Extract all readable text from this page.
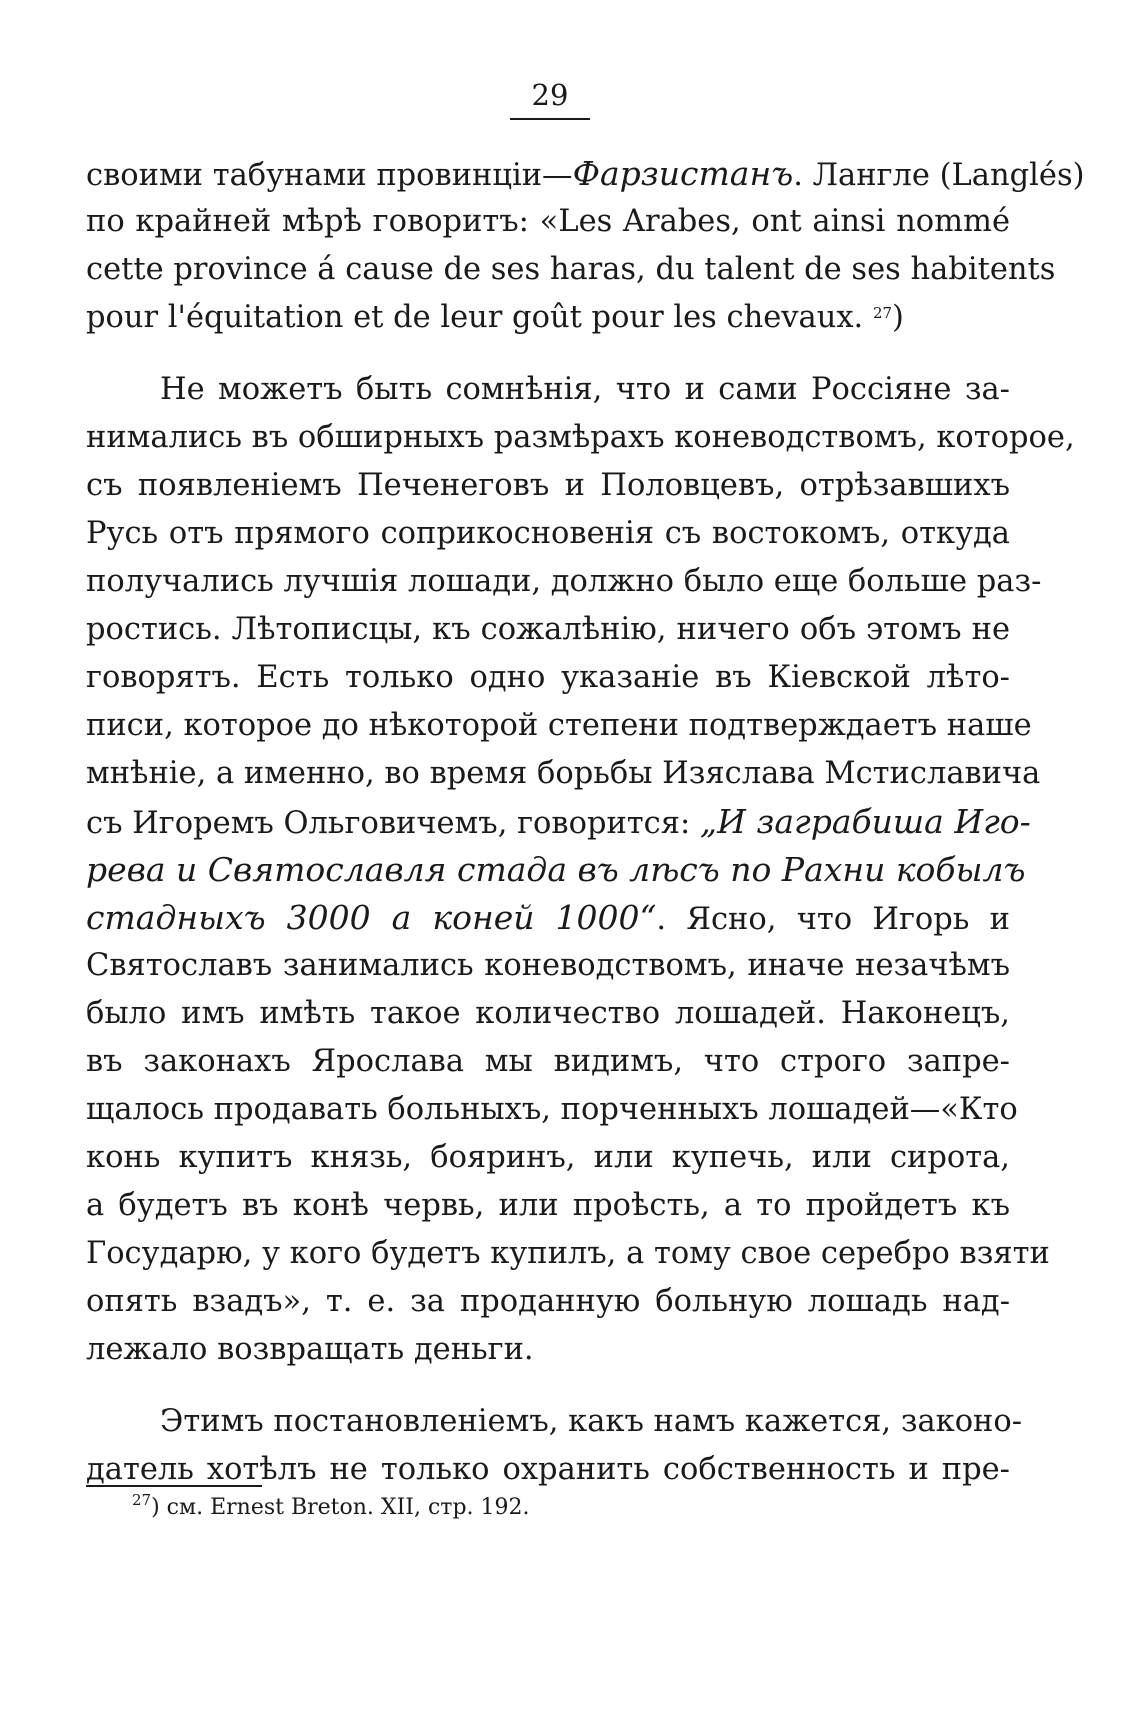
29
своими табунами провинціи—Фарзистанъ. Лангле (Langlés)
по крайней мѣрѣ говоритъ: «Les Arabes, ont ainsi nommé
cette province á cause de ses haras, du talent de ses habitents
pour l'équitation et de leur goût pour les chevaux. $^{27}$)
Не можетъ быть сомнѣнія, что и сами Россіяне за-
нимались въ обширныхъ размѣрахъ коневодствомъ, которое,
съ появленіемъ Печенеговъ и Половцевъ, отрѣзавшихъ
Русь отъ прямого соприкосновенія съ востокомъ, откуда
получались лучшія лошади, должно было еще больше раз-
ростись. Лѣтописцы, къ сожалѣнію, ничего объ этомъ не
говорятъ. Есть только одно указаніе въ Кіевской лѣто-
писи, которое до нѣкоторой степени подтверждаетъ наше
мнѣніе, а именно, во время борьбы Изяслава Мстиславича
съ Игоремъ Ольговичемъ, говорится: „И заграбиша Иго-
рева и Святославля стада въ лѣсъ по Рахни кобылъ
стадныхъ 3000 а коней 1000“. Ясно, что Игорь и
Святославъ занимались коневодствомъ, иначе незачѣмъ
было имъ имѣть такое количество лошадей. Наконецъ,
въ законахъ Ярослава мы видимъ, что строго запре-
щалось продавать больныхъ, порченныхъ лошадей—«Кто
конь купитъ князь, бояринъ, или купечь, или сирота,
а будетъ въ конѣ червь, или проѣсть, а то пройдетъ къ
Государю, у кого будетъ купилъ, а тому свое серебро взяти
опять взадъ», т. е. за проданную больную лошадь над-
лежало возвращать деньги.
Этимъ постановленіемъ, какъ намъ кажется, законо-
датель хотѣлъ не только охранить собственность и пре-
$^{27}$) см. Ernest Breton. XII, стр. 192.
